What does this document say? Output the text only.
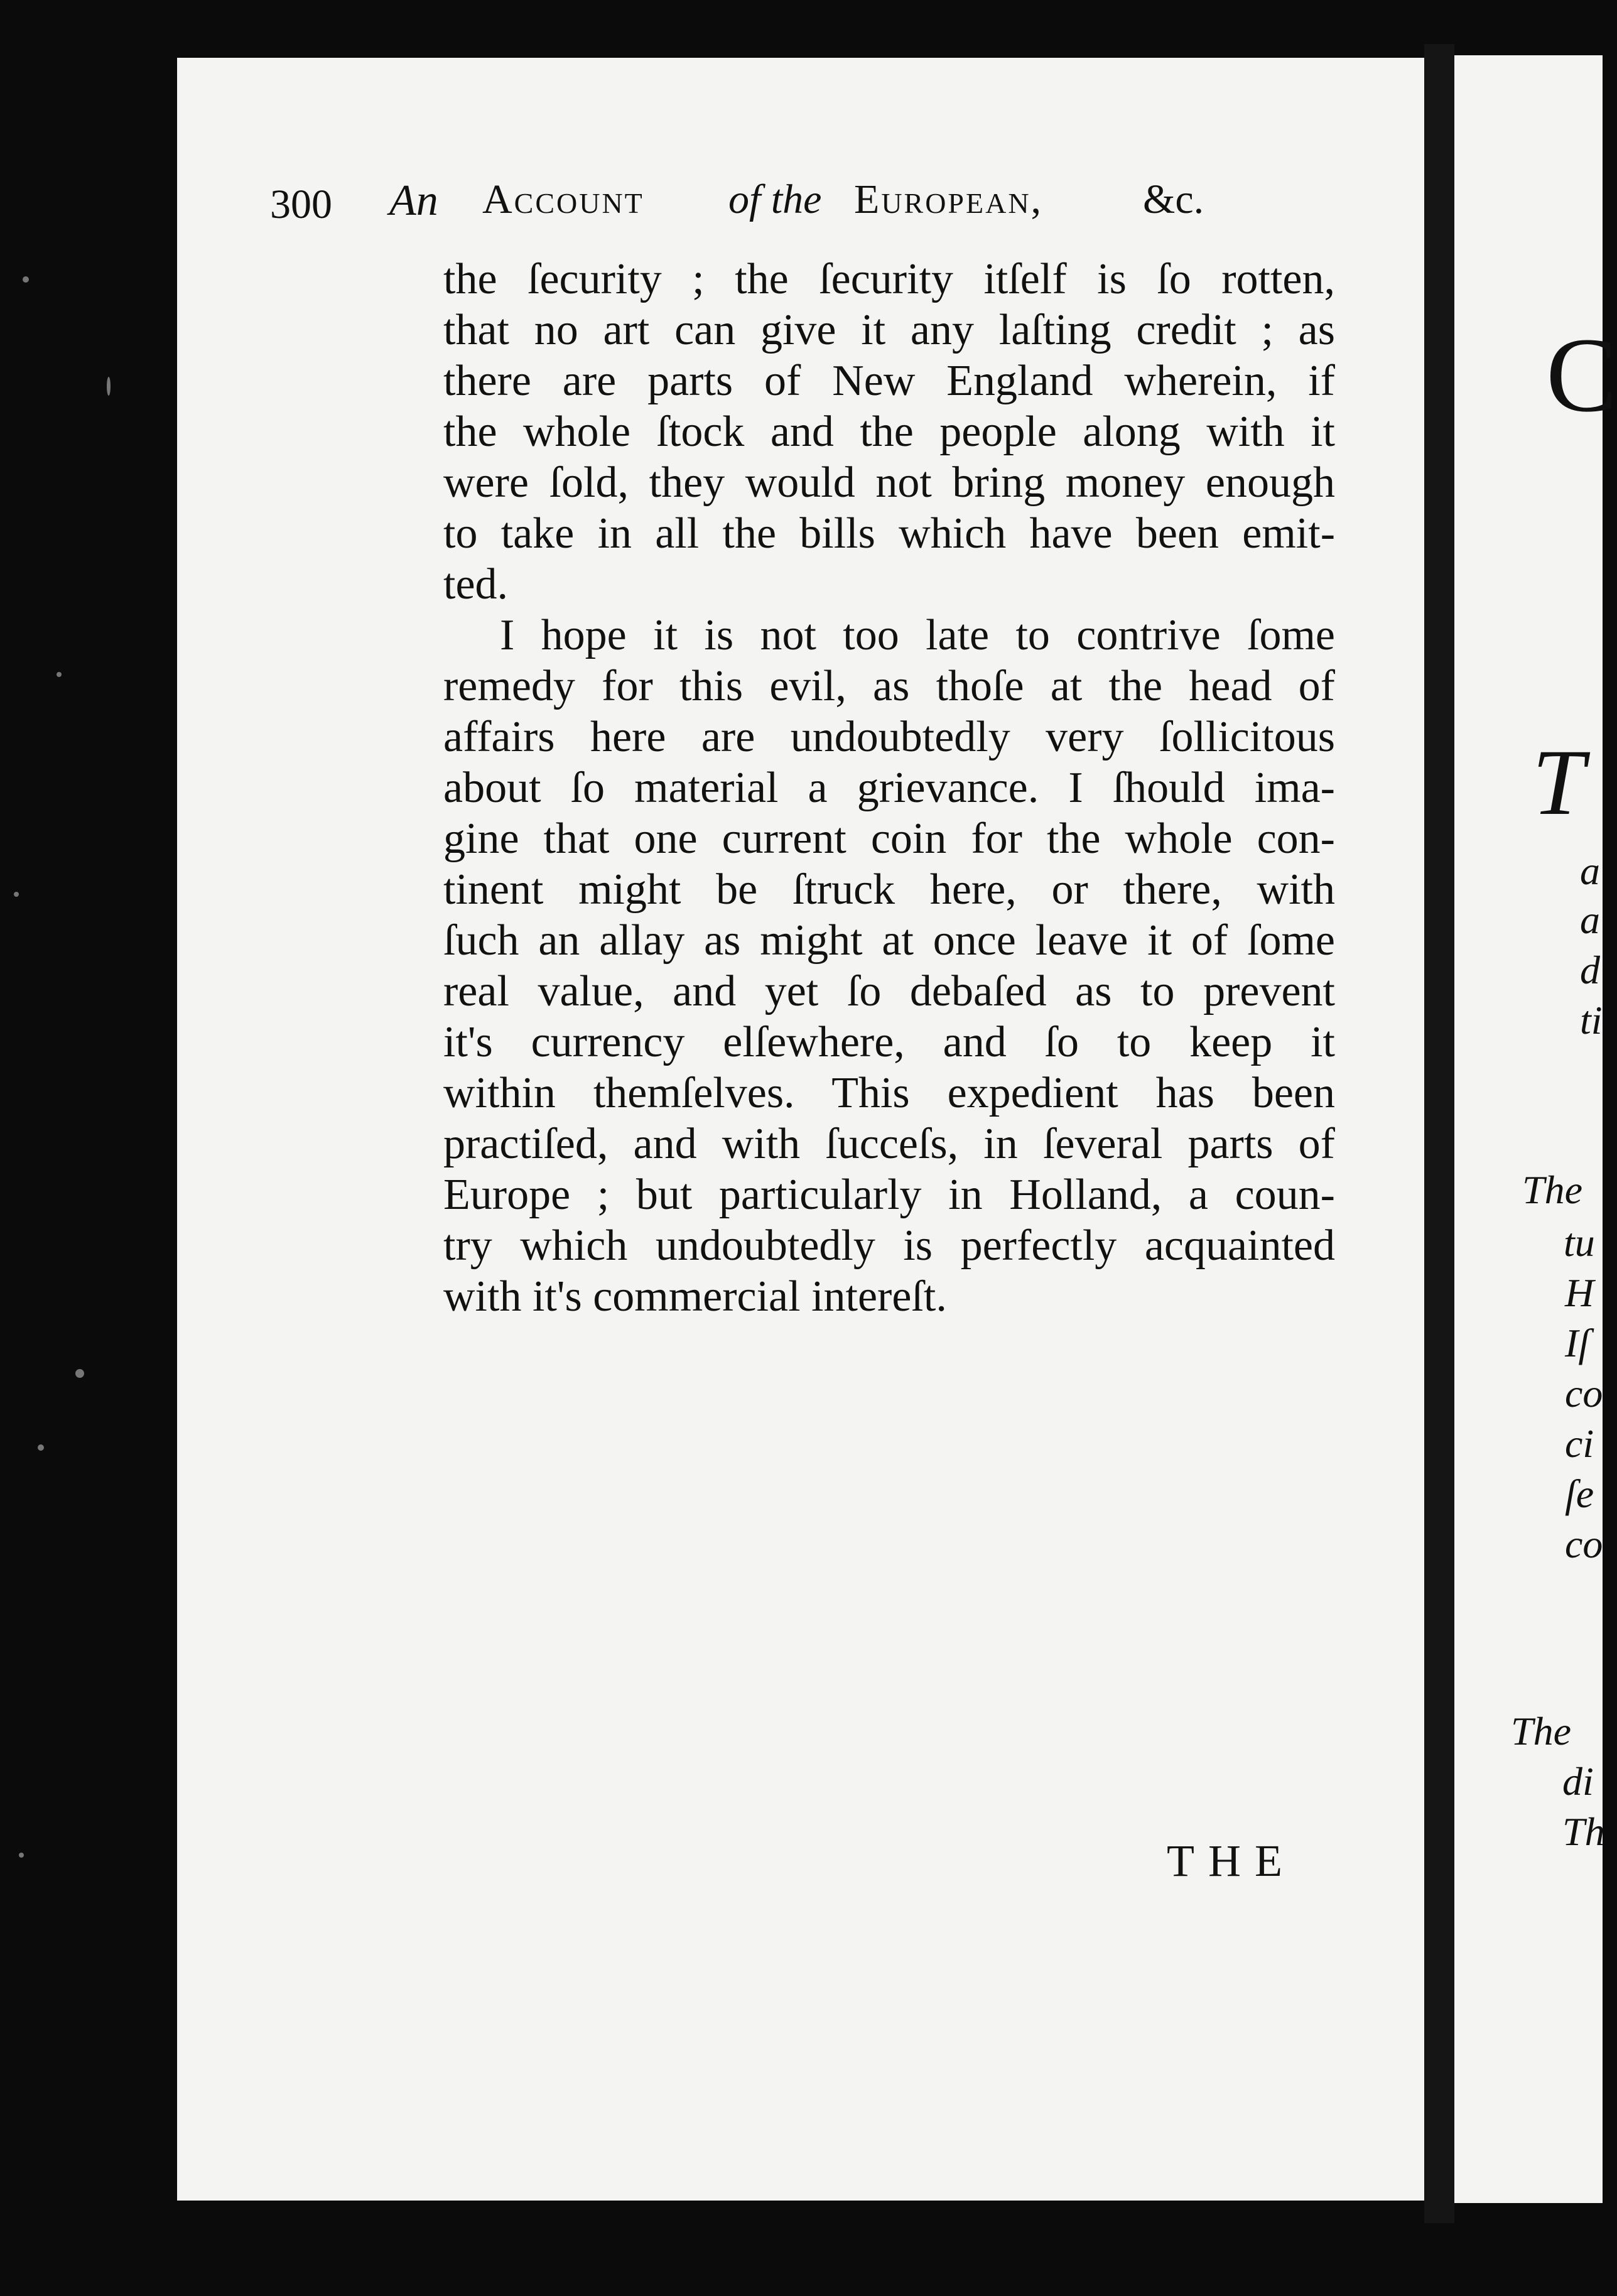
300 An Account of the European, &c.
the ſecurity ; the ſecurity itſelf is ſo rotten,
that no art can give it any laſting credit ; as
there are parts of New England wherein, if
the whole ſtock and the people along with it
were ſold, they would not bring money enough
to take in all the bills which have been emit-
ted.
I hope it is not too late to contrive ſome
remedy for this evil, as thoſe at the head of
affairs here are undoubtedly very ſollicitous
about ſo material a grievance. I ſhould ima-
gine that one current coin for the whole con-
tinent might be ſtruck here, or there, with
ſuch an allay as might at once leave it of ſome
real value, and yet ſo debaſed as to prevent
it's currency elſewhere, and ſo to keep it
within themſelves. This expedient has been
practiſed, and with ſucceſs, in ſeveral parts of
Europe ; but particularly in Holland, a coun-
try which undoubtedly is perfectly acquainted
with it's commercial intereſt.
THE
C
T
a
a
d
ti
The
tu
H
Iſ
co
ci
ſe
co
The
di
Th
